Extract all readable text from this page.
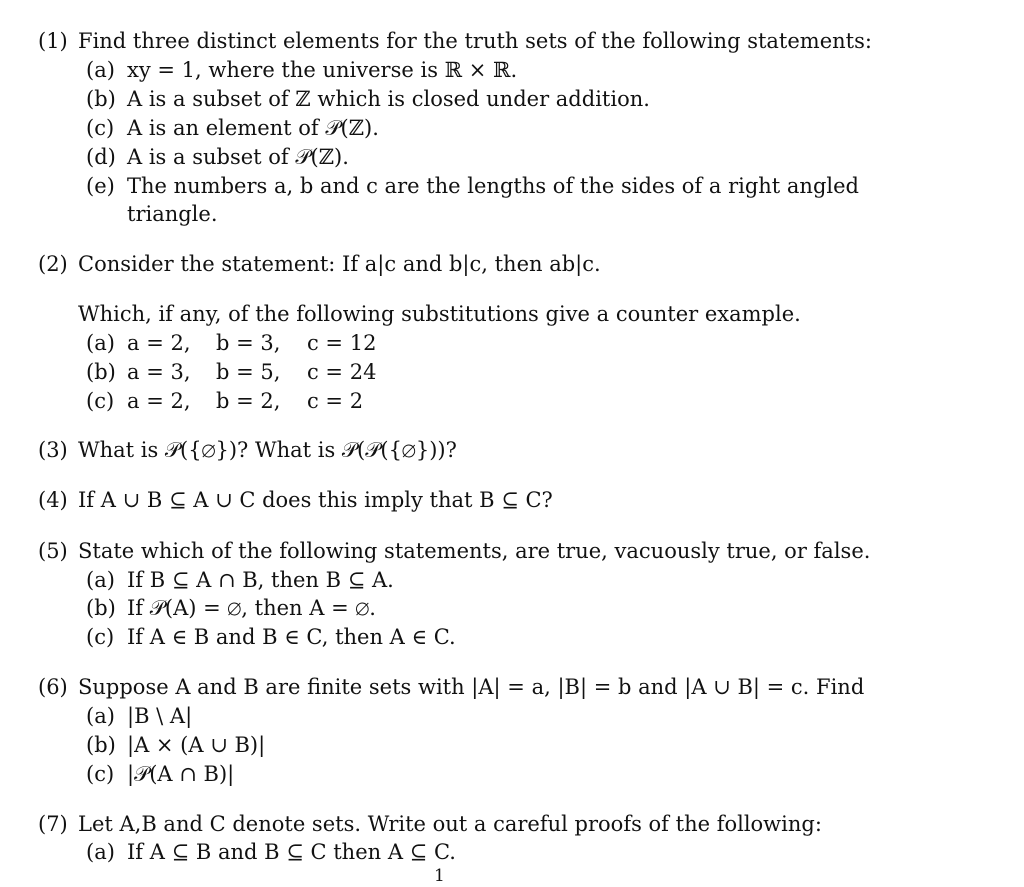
(1) Find three distinct elements for the truth sets of the following statements:
(a) xy = 1, where the universe is ℝ × ℝ.
(b) A is a subset of ℤ which is closed under addition.
(c) A is an element of 𝒫(ℤ).
(d) A is a subset of 𝒫(ℤ).
(e) The numbers a, b and c are the lengths of the sides of a right angled
triangle.
(2) Consider the statement: If a|c and b|c, then ab|c.
Which, if any, of the following substitutions give a counter example.
(a) a = 2, b = 3, c = 12
(b) a = 3, b = 5, c = 24
(c) a = 2, b = 2, c = 2
(3) What is 𝒫({∅})? What is 𝒫(𝒫({∅}))?
(4) If A ∪ B ⊆ A ∪ C does this imply that B ⊆ C?
(5) State which of the following statements, are true, vacuously true, or false.
(a) If B ⊆ A ∩ B, then B ⊆ A.
(b) If 𝒫(A) = ∅, then A = ∅.
(c) If A ∈ B and B ∈ C, then A ∈ C.
(6) Suppose A and B are finite sets with |A| = a, |B| = b and |A ∪ B| = c. Find
(a) |B \ A|
(b) |A × (A ∪ B)|
(c) |𝒫(A ∩ B)|
(7) Let A,B and C denote sets. Write out a careful proofs of the following:
(a) If A ⊆ B and B ⊆ C then A ⊆ C.
1
